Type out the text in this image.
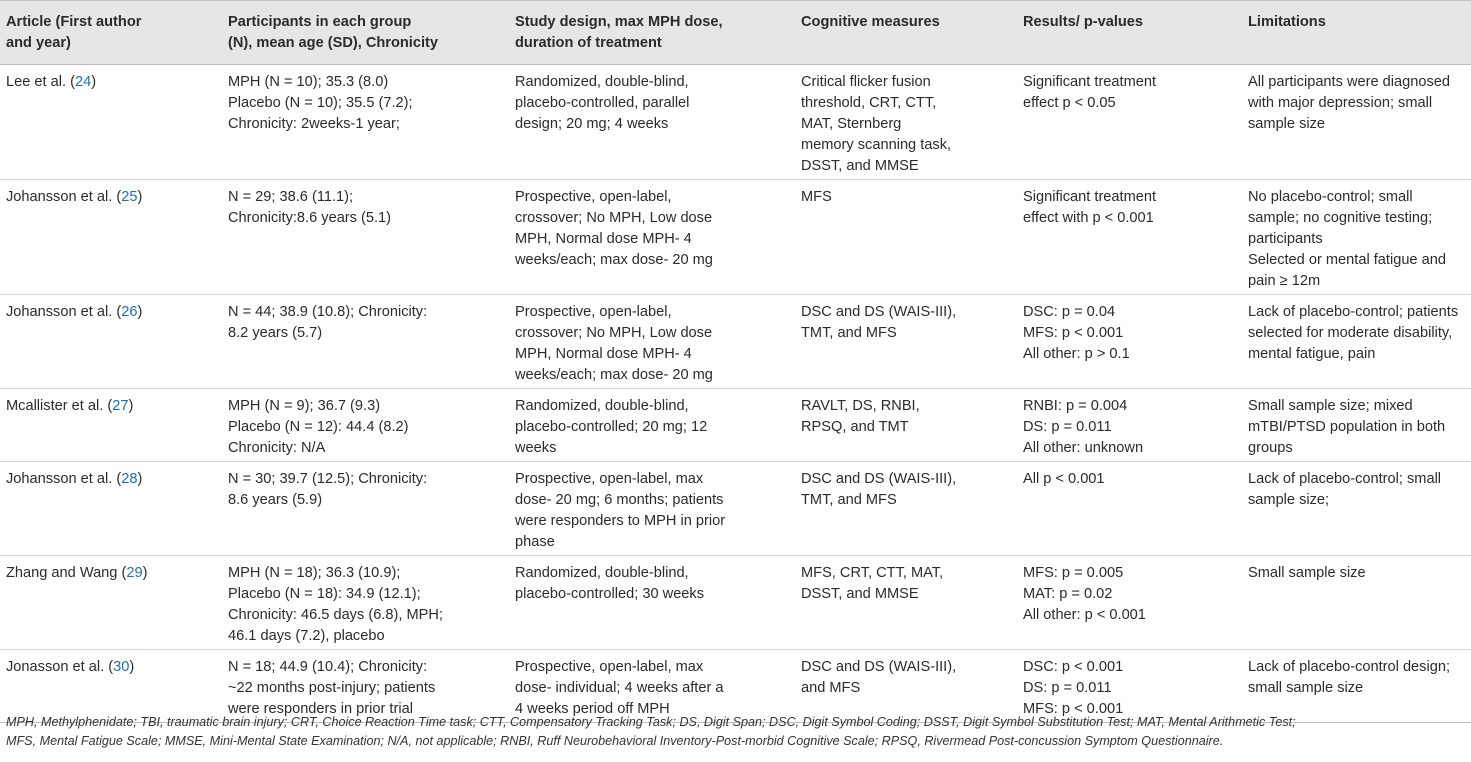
Article (First author
and year)	Participants in each group
(N), mean age (SD), Chronicity	Study design, max MPH dose,
duration of treatment	Cognitive measures	Results/ p-values	Limitations

Lee et al. (24)	MPH (N = 10); 35.3 (8.0)
Placebo (N = 10); 35.5 (7.2);
Chronicity: 2weeks-1 year;	Randomized, double-blind,
placebo-controlled, parallel
design; 20 mg; 4 weeks	Critical flicker fusion
threshold, CRT, CTT,
MAT, Sternberg
memory scanning task,
DSST, and MMSE	Significant treatment
effect p < 0.05	All participants were diagnosed
with major depression; small
sample size

Johansson et al. (25)	N = 29; 38.6 (11.1);
Chronicity:8.6 years (5.1)	Prospective, open-label,
crossover; No MPH, Low dose
MPH, Normal dose MPH- 4
weeks/each; max dose- 20 mg	MFS	Significant treatment
effect with p < 0.001	No placebo-control; small
sample; no cognitive testing;
participants
Selected or mental fatigue and
pain ≥ 12m

Johansson et al. (26)	N = 44; 38.9 (10.8); Chronicity:
8.2 years (5.7)	Prospective, open-label,
crossover; No MPH, Low dose
MPH, Normal dose MPH- 4
weeks/each; max dose- 20 mg	DSC and DS (WAIS-III),
TMT, and MFS	DSC: p = 0.04
MFS: p < 0.001
All other: p > 0.1	Lack of placebo-control; patients
selected for moderate disability,
mental fatigue, pain

Mcallister et al. (27)	MPH (N = 9); 36.7 (9.3)
Placebo (N = 12): 44.4 (8.2)
Chronicity: N/A	Randomized, double-blind,
placebo-controlled; 20 mg; 12
weeks	RAVLT, DS, RNBI,
RPSQ, and TMT	RNBI: p = 0.004
DS: p = 0.011
All other: unknown	Small sample size; mixed
mTBI/PTSD population in both
groups

Johansson et al. (28)	N = 30; 39.7 (12.5); Chronicity:
8.6 years (5.9)	Prospective, open-label, max
dose- 20 mg; 6 months; patients
were responders to MPH in prior
phase	DSC and DS (WAIS-III),
TMT, and MFS	All p < 0.001	Lack of placebo-control; small
sample size;

Zhang and Wang (29)	MPH (N = 18); 36.3 (10.9);
Placebo (N = 18): 34.9 (12.1);
Chronicity: 46.5 days (6.8), MPH;
46.1 days (7.2), placebo	Randomized, double-blind,
placebo-controlled; 30 weeks	MFS, CRT, CTT, MAT,
DSST, and MMSE	MFS: p = 0.005
MAT: p = 0.02
All other: p < 0.001	Small sample size

Jonasson et al. (30)	N = 18; 44.9 (10.4); Chronicity:
~22 months post-injury; patients
were responders in prior trial	Prospective, open-label, max
dose- individual; 4 weeks after a
4 weeks period off MPH	DSC and DS (WAIS-III),
and MFS	DSC: p < 0.001
DS: p = 0.011
MFS: p < 0.001	Lack of placebo-control design;
small sample size
MPH, Methylphenidate; TBI, traumatic brain injury; CRT, Choice Reaction Time task; CTT, Compensatory Tracking Task; DS, Digit Span; DSC, Digit Symbol Coding; DSST, Digit Symbol Substitution Test; MAT, Mental Arithmetic Test;
MFS, Mental Fatigue Scale; MMSE, Mini-Mental State Examination; N/A, not applicable; RNBI, Ruff Neurobehavioral Inventory-Post-morbid Cognitive Scale; RPSQ, Rivermead Post-concussion Symptom Questionnaire.
